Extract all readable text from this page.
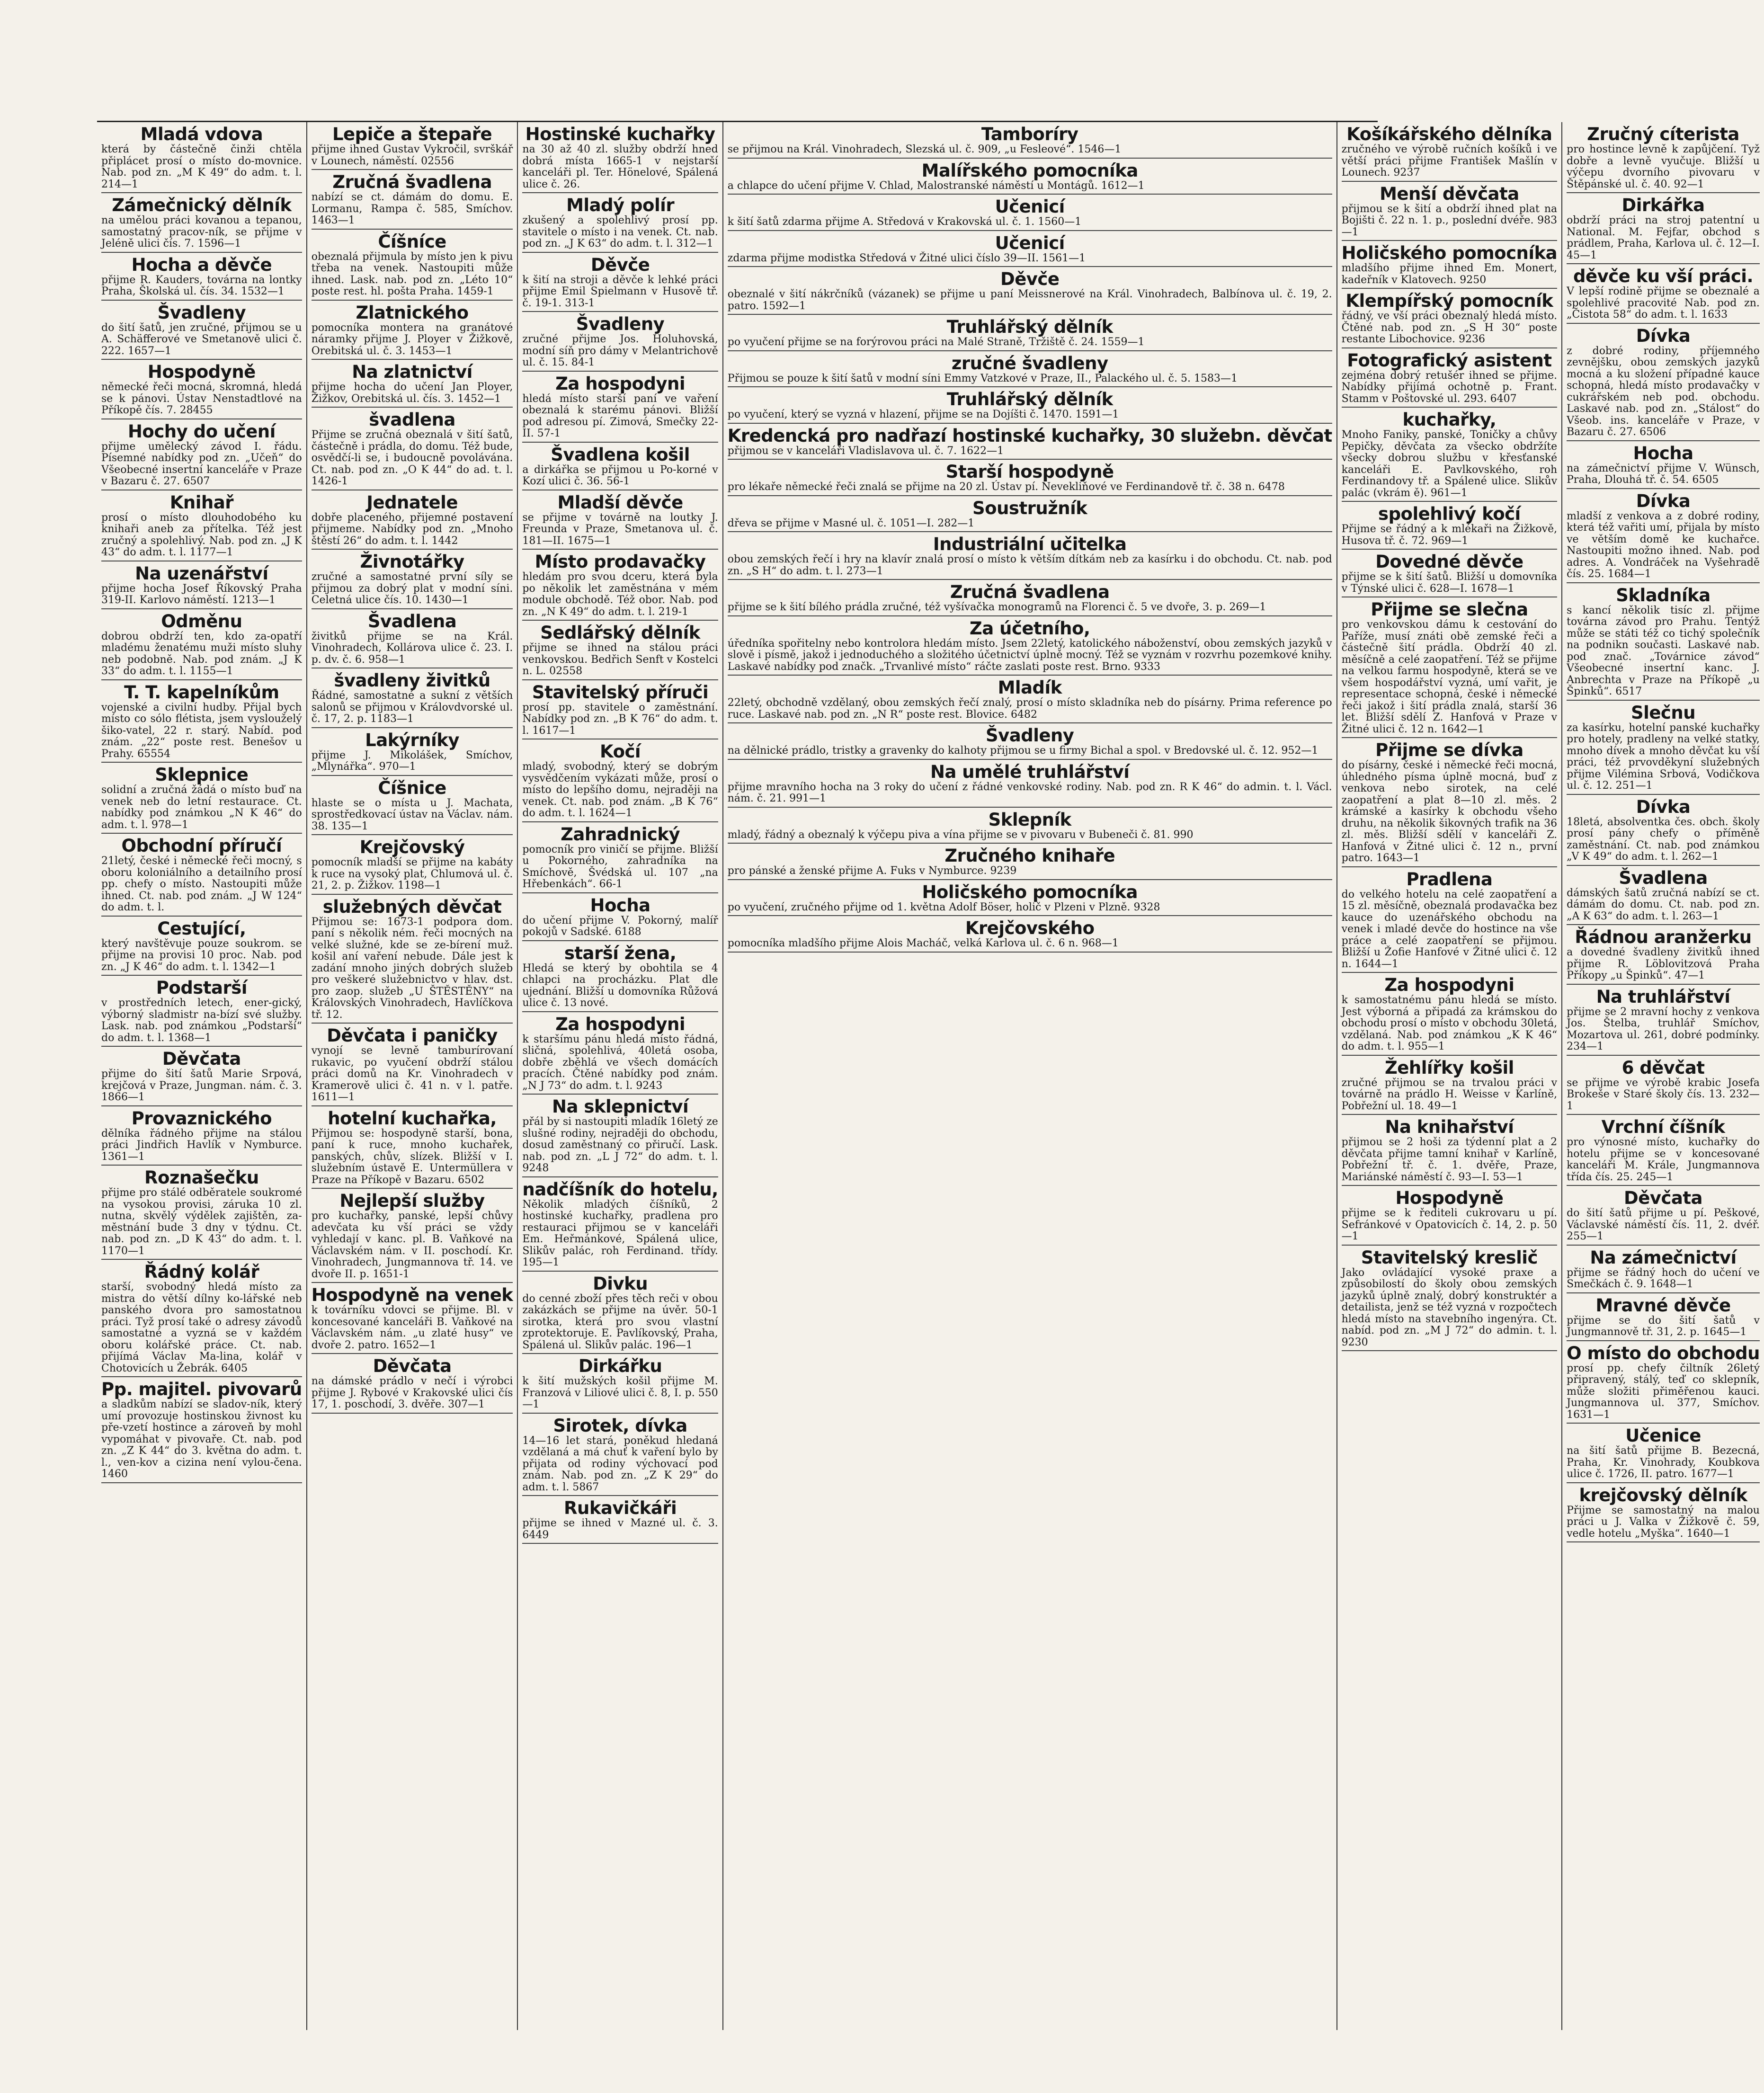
Mladá vdova
která by částečně činži chtěla připlácet prosí o místo do-movnice. Nab. pod zn. „M K 49“ do adm. t. l. 214—1
Zámečnický dělník
na umělou práci kovanou a tepanou, samostatný pracov-ník, se přijme v Jeléně ulici čís. 7. 1596—1
Hocha a děvče
přijme R. Kauders, továrna na lontky Praha, Školská ul. čís. 34. 1532—1
Švadleny
do šití šatů, jen zručné, přijmou se u A. Schäfferové ve Smetanově ulici č. 222. 1657—1
Hospodyně
německé řeči mocná, skromná, hledá se k pánovi. Ústav Nenstadtlové na Příkopě čís. 7. 28455
Hochy do učení
přijme umělecký závod I. řádu. Písemné nabídky pod zn. „Učeň“ do Všeobecné insertní kanceláře v Praze v Bazaru č. 27. 6507
Knihař
prosí o místo dlouhodobého ku knihaři aneb za přítelka. Též jest zručný a spolehlivý. Nab. pod zn. „J K 43“ do adm. t. l. 1177—1
Na uzenářství
přijme hocha Josef Říkovský Praha 319-II. Karlovo náměstí. 1213—1
Odměnu
dobrou obdrží ten, kdo za-opatří mladému ženatému muži místo sluhy neb podobně. Nab. pod znám. „J K 33“ do adm. t. l. 1155—1
T. T. kapelníkům
vojenské a civilní hudby. Přijal bych místo co sólo flétista, jsem vyslouželý šiko-vatel, 22 r. starý. Nabíd. pod znám. „22“ poste rest. Benešov u Prahy. 65554
Sklepnice
solidní a zručná žádá o místo buď na venek neb do letní restaurace. Ct. nabídky pod známkou „N K 46“ do adm. t. l. 978—1
Obchodní příručí
21letý, české i německé řeči mocný, s oboru koloniálního a detailního prosí pp. chefy o místo. Nastoupiti může ihned. Ct. nab. pod znám. „J W 124“ do adm. t. l.
Cestující,
který navštěvuje pouze soukrom. se přijme na provisi 10 proc. Nab. pod zn. „J K 46“ do adm. t. l. 1342—1
Podstarší
v prostředních letech, ener-gický, výborný sladmistr na-bízí své služby. Lask. nab. pod známkou „Podstarší“ do adm. t. l. 1368—1
Děvčata
přijme do šití šatů Marie Srpová, krejčová v Praze, Jungman. nám. č. 3. 1866—1
Provaznického
dělníka řádného přijme na stálou práci Jindřich Havlík v Nymburce. 1361—1
Roznašečku
přijme pro stálé odběratele soukromé na vysokou provisi, záruka 10 zl. nutna, skvělý výdělek zajištěn, za-městnání bude 3 dny v týdnu. Ct. nab. pod zn. „D K 43“ do adm. t. l. 1170—1
Řádný kolář
starší, svobodný hledá místo za mistra do větší dílny ko-lářské neb panského dvora pro samostatnou práci. Tyž prosí také o adresy závodů samostatné a vyzná se v každém oboru kolářské práce. Ct. nab. přijímá Václav Ma-lina, kolář v Chotovicích u Žebrák. 6405
Pp. majitel. pivovarů
a sladkům nabízí se sladov-ník, který umí provozuje hostinskou živnost ku pře-vzetí hostince a zároveň by mohl vypomáhat v pivovaře. Ct. nab. pod zn. „Z K 44“ do 3. května do adm. t. l., ven-kov a cizina není vylou-čena. 1460
Lepiče a štepaře
přijme ihned Gustav Vykročil, svrškář v Lounech, náměstí. 02556
Zručná švadlena
nabízí se ct. dámám do domu. E. Lormanu, Rampa č. 585, Smíchov. 1463—1
Číšníce
obeznalá přijmula by místo jen k pivu třeba na venek. Nastoupiti může ihned. Lask. nab. pod zn. „Léto 10“ poste rest. hl. pošta Praha. 1459-1
Zlatnického
pomocníka montera na granátové náramky přijme J. Ployer v Žižkově, Orebitská ul. č. 3. 1453—1
Na zlatnictví
přijme hocha do učení Jan Ployer, Žižkov, Orebitská ul. čís. 3. 1452—1
švadlena
Přijme se zručná obeznalá v šití šatů, částečně i prádla, do domu. Též bude, osvědčí-li se, i budoucně povolávána. Ct. nab. pod zn. „O K 44“ do ad. t. l. 1426-1
Jednatele
dobře placeného, přijemné postavení přijmeme. Nabídky pod zn. „Mnoho štěstí 26“ do adm. t. l. 1442
Živnotářky
zručné a samostatné první síly se přijmou za dobrý plat v modní síni. Celetná ulice čís. 10. 1430—1
Švadlena
živitků přijme se na Král. Vinohradech, Kollárova ulice č. 23. I. p. dv. č. 6. 958—1
švadleny živitků
Řádné, samostatné a sukní z větších salonů se přijmou v Královdvorské ul. č. 17, 2. p. 1183—1
Lakýrníky
přijme J. Mikolášek, Smíchov, „Mlynářka“. 970—1
Číšnice
hlaste se o místa u J. Machata, sprostředkovací ústav na Václav. nám. 38. 135—1
Krejčovský
pomocník mladší se přijme na kabáty k ruce na vysoký plat, Chlumová ul. č. 21, 2. p. Žižkov. 1198—1
služebných děvčat
Přijmou se: 1673-1 podpora dom. paní s několik ném. řeči mocných na velké služné, kde se ze-bírení muž. košil aní vaření nebude. Dále jest k zadání mnoho jiných dobrých služeb pro veškeré služebnictvo v hlav. dst. pro zaop. služeb „U ŠTĚSTĚNY“ na Královských Vinohradech, Havlíčkova tř. 12.
Děvčata i paničky
vynojí se levně tamburírovaní rukavic, po vyučení obdrží stálou práci domů na Kr. Vinohradech v Kramerově ulici č. 41 n. v l. patře. 1611—1
hotelní kuchařka,
Přijmou se: hospodyně starší, bona, paní k ruce, mnoho kuchařek, panských, chův, slízek. Bližší v I. služebním ústavě E. Untermüllera v Praze na Příkopě v Bazaru. 6502
Nejlepší služby
pro kuchařky, panské, lepší chůvy adevčata ku vší práci se vždy vyhledají v kanc. pl. B. Vaňkové na Václavském nám. v II. poschodí. Kr. Vinohradech, Jungmannova tř. 14. ve dvoře II. p. 1651-1
Hospodyně na venek
k továrníku vdovci se přijme. Bl. v koncesované kanceláři B. Vaňkové na Václavském nám. „u zlaté husy“ ve dvoře 2. patro. 1652—1
Děvčata
na dámské prádlo v nečí i výrobci přijme J. Rybové v Krakovské ulici čís 17, 1. poschodí, 3. dvěře. 307—1
Hostinské kuchařky
na 30 až 40 zl. služby obdrží hned dobrá místa 1665-1 v nejstarší kanceláři pl. Ter. Hönelové, Spálená ulice č. 26.
Mladý polír
zkušený a spolehlivý prosí pp. stavitele o místo i na venek. Ct. nab. pod zn. „J K 63“ do adm. t. l. 312—1
Děvče
k šití na stroji a děvče k lehké práci přijme Emil Spielmann v Husově tř. č. 19-1. 313-1
Švadleny
zručné přijme Jos. Holuhovská, modní síň pro dámy v Melantrichově ul. č. 15. 84-1
Za hospodyni
hledá místo starší paní ve vaření obeznalá k starému pánovi. Bližší pod adresou pí. Zimová, Smečky 22-II. 57-1
Švadlena košil
a dirkářka se přijmou u Po-korné v Kozí ulici č. 36. 56-1
Mladší děvče
se přijme v továrně na loutky J. Freunda v Praze, Smetanova ul. č. 181—II. 1675—1
Místo prodavačky
hledám pro svou dceru, která byla po několik let zaměstnána v mém module obchodě. Též obor. Nab. pod zn. „N K 49“ do adm. t. l. 219-1
Sedlářský dělník
přijme se ihned na stálou práci venkovskou. Bedřich Senft v Kostelci n. L. 02558
Stavitelský příruči
prosí pp. stavitele o zaměstnání. Nabídky pod zn. „B K 76“ do adm. t. l. 1617—1
Kočí
mladý, svobodný, který se dobrým vysvědčením vykázati může, prosí o místo do lepšího domu, nejraději na venek. Ct. nab. pod znám. „B K 76“ do adm. t. l. 1624—1
Zahradnický
pomocník pro viničí se přijme. Bližší u Pokorného, zahradníka na Smíchově, Švédská ul. 107 „na Hřebenkách“. 66-1
Hocha
do učení přijme V. Pokorný, malíř pokojů v Sadské. 6188
starší žena,
Hledá se který by obohtila se 4 chlapci na procházku. Plat dle ujednání. Bližší u domovníka Růžová ulice č. 13 nové.
Za hospodyni
k staršímu pánu hledá místo řádná, sličná, spolehlivá, 40letá osoba, dobře zběhlá ve všech domácích pracích. Čtěné nabídky pod znám. „N J 73“ do adm. t. l. 9243
Na sklepnictví
přál by si nastoupiti mladík 16letý ze slušné rodiny, nejraději do obchodu, dosud zaměstnaný co přiručí. Lask. nab. pod zn. „L J 72“ do adm. t. l. 9248
nadčíšník do hotelu,
Několik mladých číšníků, 2 hostinské kuchařky, pradlena pro restauraci přijmou se v kanceláři Em. Heřmánkové, Spálená ulice, Slikův palác, roh Ferdinand. třídy. 195—1
Divku
do cenné zboží přes těch reči v obou zakázkách se přijme na úvěr. 50-1 sirotka, která pro svou vlastní zprotektoruje. E. Pavlíkovský, Praha, Spálená ul. Slikův palác. 196—1
Dirkářku
k šití mužských košil přijme M. Franzová v Liliové ulici č. 8, I. p. 550—1
Sirotek, dívka
14—16 let stará, poněkud hledaná vzdělaná a má chuť k vaření bylo by přijata od rodiny výchovací pod znám. Nab. pod zn. „Z K 29“ do adm. t. l. 5867
Rukavičkáři
přijme se ihned v Mazné ul. č. 3. 6449
Tamboríry
se přijmou na Král. Vinohradech, Slezská ul. č. 909, „u Fesleové“. 1546—1
Malířského pomocníka
a chlapce do učení přijme V. Chlad, Malostranské náměstí u Montágů. 1612—1
Učenicí
k šití šatů zdarma přijme A. Středová v Krakovská ul. č. 1. 1560—1
Učenicí
zdarma přijme modistka Středová v Žitné ulici číslo 39—II. 1561—1
Děvče
obeznalé v šití nákrčníků (vázanek) se přijme u paní Meissnerové na Král. Vinohradech, Balbínova ul. č. 19, 2. patro. 1592—1
Truhlářský dělník
po vyučení přijme se na forýrovou práci na Malé Straně, Tržiště č. 24. 1559—1
zručné švadleny
Přijmou se pouze k šití šatů v modní síni Emmy Vatzkové v Praze, II., Palackého ul. č. 5. 1583—1
Truhlářský dělník
po vyučení, který se vyzná v hlazení, přijme se na Dojíšti č. 1470. 1591—1
Kredencká pro nadřazí hostinské kuchařky, 30 služebn. děvčat
přijmou se v kanceláři Vladislavova ul. č. 7. 1622—1
Starší hospodyně
pro lékaře německé řeči znalá se přijme na 20 zl. Ústav pí. Nevekliňové ve Ferdinandově tř. č. 38 n. 6478
Soustružník
dřeva se přijme v Masné ul. č. 1051—I. 282—1
Industriální učitelka
obou zemských řečí i hry na klavír znalá prosí o místo k větším dítkám neb za kasírku i do obchodu. Ct. nab. pod zn. „S H“ do adm. t. l. 273—1
Zručná švadlena
přijme se k šití bílého prádla zručné, též vyšívačka monogramů na Florenci č. 5 ve dvoře, 3. p. 269—1
Za účetního,
úředníka spořitelny nebo kontrolora hledám místo. Jsem 22letý, katolického náboženství, obou zemských jazyků v slově i písmě, jakož i jednoduchého a složitého účetnictví úplně mocný. Též se vyznám v rozvrhu pozemkové knihy. Laskavé nabídky pod značk. „Trvanlivé místo“ ráčte zaslati poste rest. Brno. 9333
Mladík
22letý, obchodně vzdělaný, obou zemských řečí znalý, prosí o místo skladníka neb do písárny. Prima reference po ruce. Laskavé nab. pod zn. „N R“ poste rest. Blovice. 6482
Švadleny
na dělnické prádlo, tristky a gravenky do kalhoty přijmou se u firmy Bichal a spol. v Bredovské ul. č. 12. 952—1
Na umělé truhlářství
přijme mravního hocha na 3 roky do učení z řádné venkovské rodiny. Nab. pod zn. R K 46“ do admin. t. l. Václ. nám. č. 21. 991—1
Sklepník
mladý, řádný a obeznalý k výčepu piva a vína přijme se v pivovaru v Bubeneči č. 81. 990
Zručného knihaře
pro pánské a ženské přijme A. Fuks v Nymburce. 9239
Holičského pomocníka
po vyučení, zručného přijme od 1. května Adolf Böser, holič v Plzeni v Plzně. 9328
Krejčovského
pomocníka mladšího přijme Alois Macháč, velká Karlova ul. č. 6 n. 968—1
Košíkářského dělníka
zručného ve výrobě ručních košíků i ve větší práci přijme František Mašlín v Lounech. 9237
Menší děvčata
přijmou se k šití a obdrží ihned plat na Bojišti č. 22 n. 1. p., poslední dvéře. 983—1
Holičského pomocníka
mladšího přijme ihned Em. Monert, kadeřník v Klatovech. 9250
Klempířský pomocník
řádný, ve vší práci obeznalý hledá místo. Čtěné nab. pod zn. „S H 30“ poste restante Libochovice. 9236
Fotografický asistent
zejména dobrý retušér ihned se přijme. Nabídky přijímá ochotně p. Frant. Stamm v Poštovské ul. 293. 6407
kuchařky,
Mnoho Faniky, panské, Toničky a chůvy Pepičky, děvčata za všecko obdržíte všecky dobrou službu v křesťanské kanceláři E. Pavlkovského, roh Ferdinandovy tř. a Spálené ulice. Slikův palác (vkrám ě). 961—1
spolehlivý kočí
Přijme se řádný a k mlékaři na Žižkově, Husova tř. č. 72. 969—1
Dovedné děvče
přijme se k šití šatů. Bližší u domovníka v Týnské ulici č. 628—I. 1678—1
Přijme se slečna
pro venkovskou dámu k cestování do Paříže, musí znáti obě zemské řeči a částečně šití prádla. Obdrží 40 zl. měsíčně a celé zaopatření. Též se přijme na velkou farmu hospodyně, která se ve všem hospodářství vyzná, umí vařit, je representace schopná, české i německé řeči jakož i šití prádla znalá, starší 36 let. Bližší sdělí Z. Hanfová v Praze v Žitné ulici č. 12 n. 1642—1
Přijme se dívka
do písárny, české i německé řeči mocná, úhledného písma úplně mocná, buď z venkova nebo sirotek, na celé zaopatření a plat 8—10 zl. měs. 2 krámské a kasírky k obchodu všeho druhu, na několik šikovných trafik na 36 zl. měs. Bližší sdělí v kanceláři Z. Hanfová v Žitné ulici č. 12 n., první patro. 1643—1
Pradlena
do velkého hotelu na celé zaopatření a 15 zl. měsíčně, obeznalá prodavačka bez kauce do uzenářského obchodu na venek i mladé devče do hostince na vše práce a celé zaopatření se přijmou. Bližší u Žofie Hanfové v Žitné ulici č. 12 n. 1644—1
Za hospodyni
k samostatnému pánu hledá se místo. Jest výborná a připadá za krámskou do obchodu prosí o místo v obchodu 30letá, vzdělaná. Nab. pod známkou „K K 46“ do adm. t. l. 955—1
Žehlířky košil
zručné přijmou se na trvalou práci v továrně na prádlo H. Weisse v Karlíně, Pobřežní ul. 18. 49—1
Na knihařství
přijmou se 2 hoši za týdenní plat a 2 děvčata přijme tamní knihař v Karlíně, Pobřežní tř. č. 1. dvěře, Praze, Mariánské náměstí č. 93—I. 53—1
Hospodyně
přijme se k řediteli cukrovaru u pí. Sefránkové v Opatovicích č. 14, 2. p. 50—1
Stavitelský kreslič
Jako ovládající vysoké praxe a způsobilostí do školy obou zemských jazyků úplně znalý, dobrý konstruktér a detailista, jenž se též vyzná v rozpočtech hledá místo na stavebního ingenýra. Ct. nabíd. pod zn. „M J 72“ do admin. t. l. 9230
Zručný cíteristа
pro hostince levně k zapůjčení. Tyž dobře a levně vyučuje. Bližší u výčepu dvorního pivovaru v Štěpánské ul. č. 40. 92—1
Dirkářka
obdrží práci na stroj patentní u National. M. Fejfar, obchod s prádlem, Praha, Karlova ul. č. 12—I. 45—1
děvče ku vší práci.
V lepší rodině přijme se obeznalé a spolehlivé pracovité Nab. pod zn. „Čistota 58“ do adm. t. l. 1633
Dívka
z dobré rodiny, příjemného zevnějšku, obou zemských jazyků mocná a ku složení případné kauce schopná, hledá místo prodavačky v cukrářském neb pod. obchodu. Laskavé nab. pod zn. „Stálost“ do Všeob. ins. kanceláře v Praze, v Bazaru č. 27. 6506
Hocha
na zámečnictví přijme V. Wünsch, Praha, Dlouhá tř. č. 54. 6505
Dívka
mladší z venkova a z dobré rodiny, která též vařiti umí, přijala by místo ve větším domě ke kuchařce. Nastoupiti možno ihned. Nab. pod adres. A. Vondráček na Vyšehradě čís. 25. 1684—1
Skladníka
s kancí několik tisíc zl. přijme továrna závod pro Prahu. Tentýž může se státi též co tichý společník na podnikn současti. Laskavé nab. pod znač. „Továrnice závod“ Všeobecné insertní kanc. J. Anbrechta v Praze na Příkopě „u Špinků“. 6517
Slečnu
za kasírku, hotelní panské kuchařky pro hotely, pradleny na velké statky, mnoho dívek a mnoho děvčat ku vší práci, též prvovděkyní služebných přijme Vilémina Srbová, Vodičkova ul. č. 12. 251—1
Dívka
18letá, absolventka čes. obch. školy prosí pány chefy o příměně zaměstnání. Ct. nab. pod známkou „V K 49“ do adm. t. l. 262—1
Švadlena
dámských šatů zručná nabízí se ct. dámám do domu. Ct. nab. pod zn. „A K 63“ do adm. t. l. 263—1
Řádnou aranžerku
a dovedné švadleny živitků ihned přijme R. Löblovitzová Praha Příkopy „u Špinků“. 47—1
Na truhlářství
přijme se 2 mravní hochy z venkova Jos. Štelba, truhlář Smíchov, Mozartova ul. 261, dobré podmínky. 234—1
6 děvčat
se přijme ve výrobě krabic Josefa Brokeše v Staré školy čís. 13. 232—1
Vrchní číšník
pro výnosné místo, kuchařky do hotelu přijme se v koncesované kanceláři M. Krále, Jungmannova třída čís. 25. 245—1
Děvčata
do šití šatů přijme u pí. Peškové, Václavské náměstí čís. 11, 2. dvéř. 255—1
Na zámečnictví
přijme se řádný hoch do učení ve Smečkách č. 9. 1648—1
Mravné děvče
přijme se do šití šatů v Jungmannově tř. 31, 2. p. 1645—1
O místo do obchodu
prosí pp. chefy čiltník 26letý připravený, stálý, teď co sklepník, může složiti přiměřenou kauci. Jungmannova ul. 377, Smíchov. 1631—1
Učenice
na šití šatů přijme B. Bezecná, Praha, Kr. Vinohrady, Koubkova ulice č. 1726, II. patro. 1677—1
krejčovský dělník
Přijme se samostatný na malou práci u J. Valka v Žižkově č. 59, vedle hotelu „Myška“. 1640—1
